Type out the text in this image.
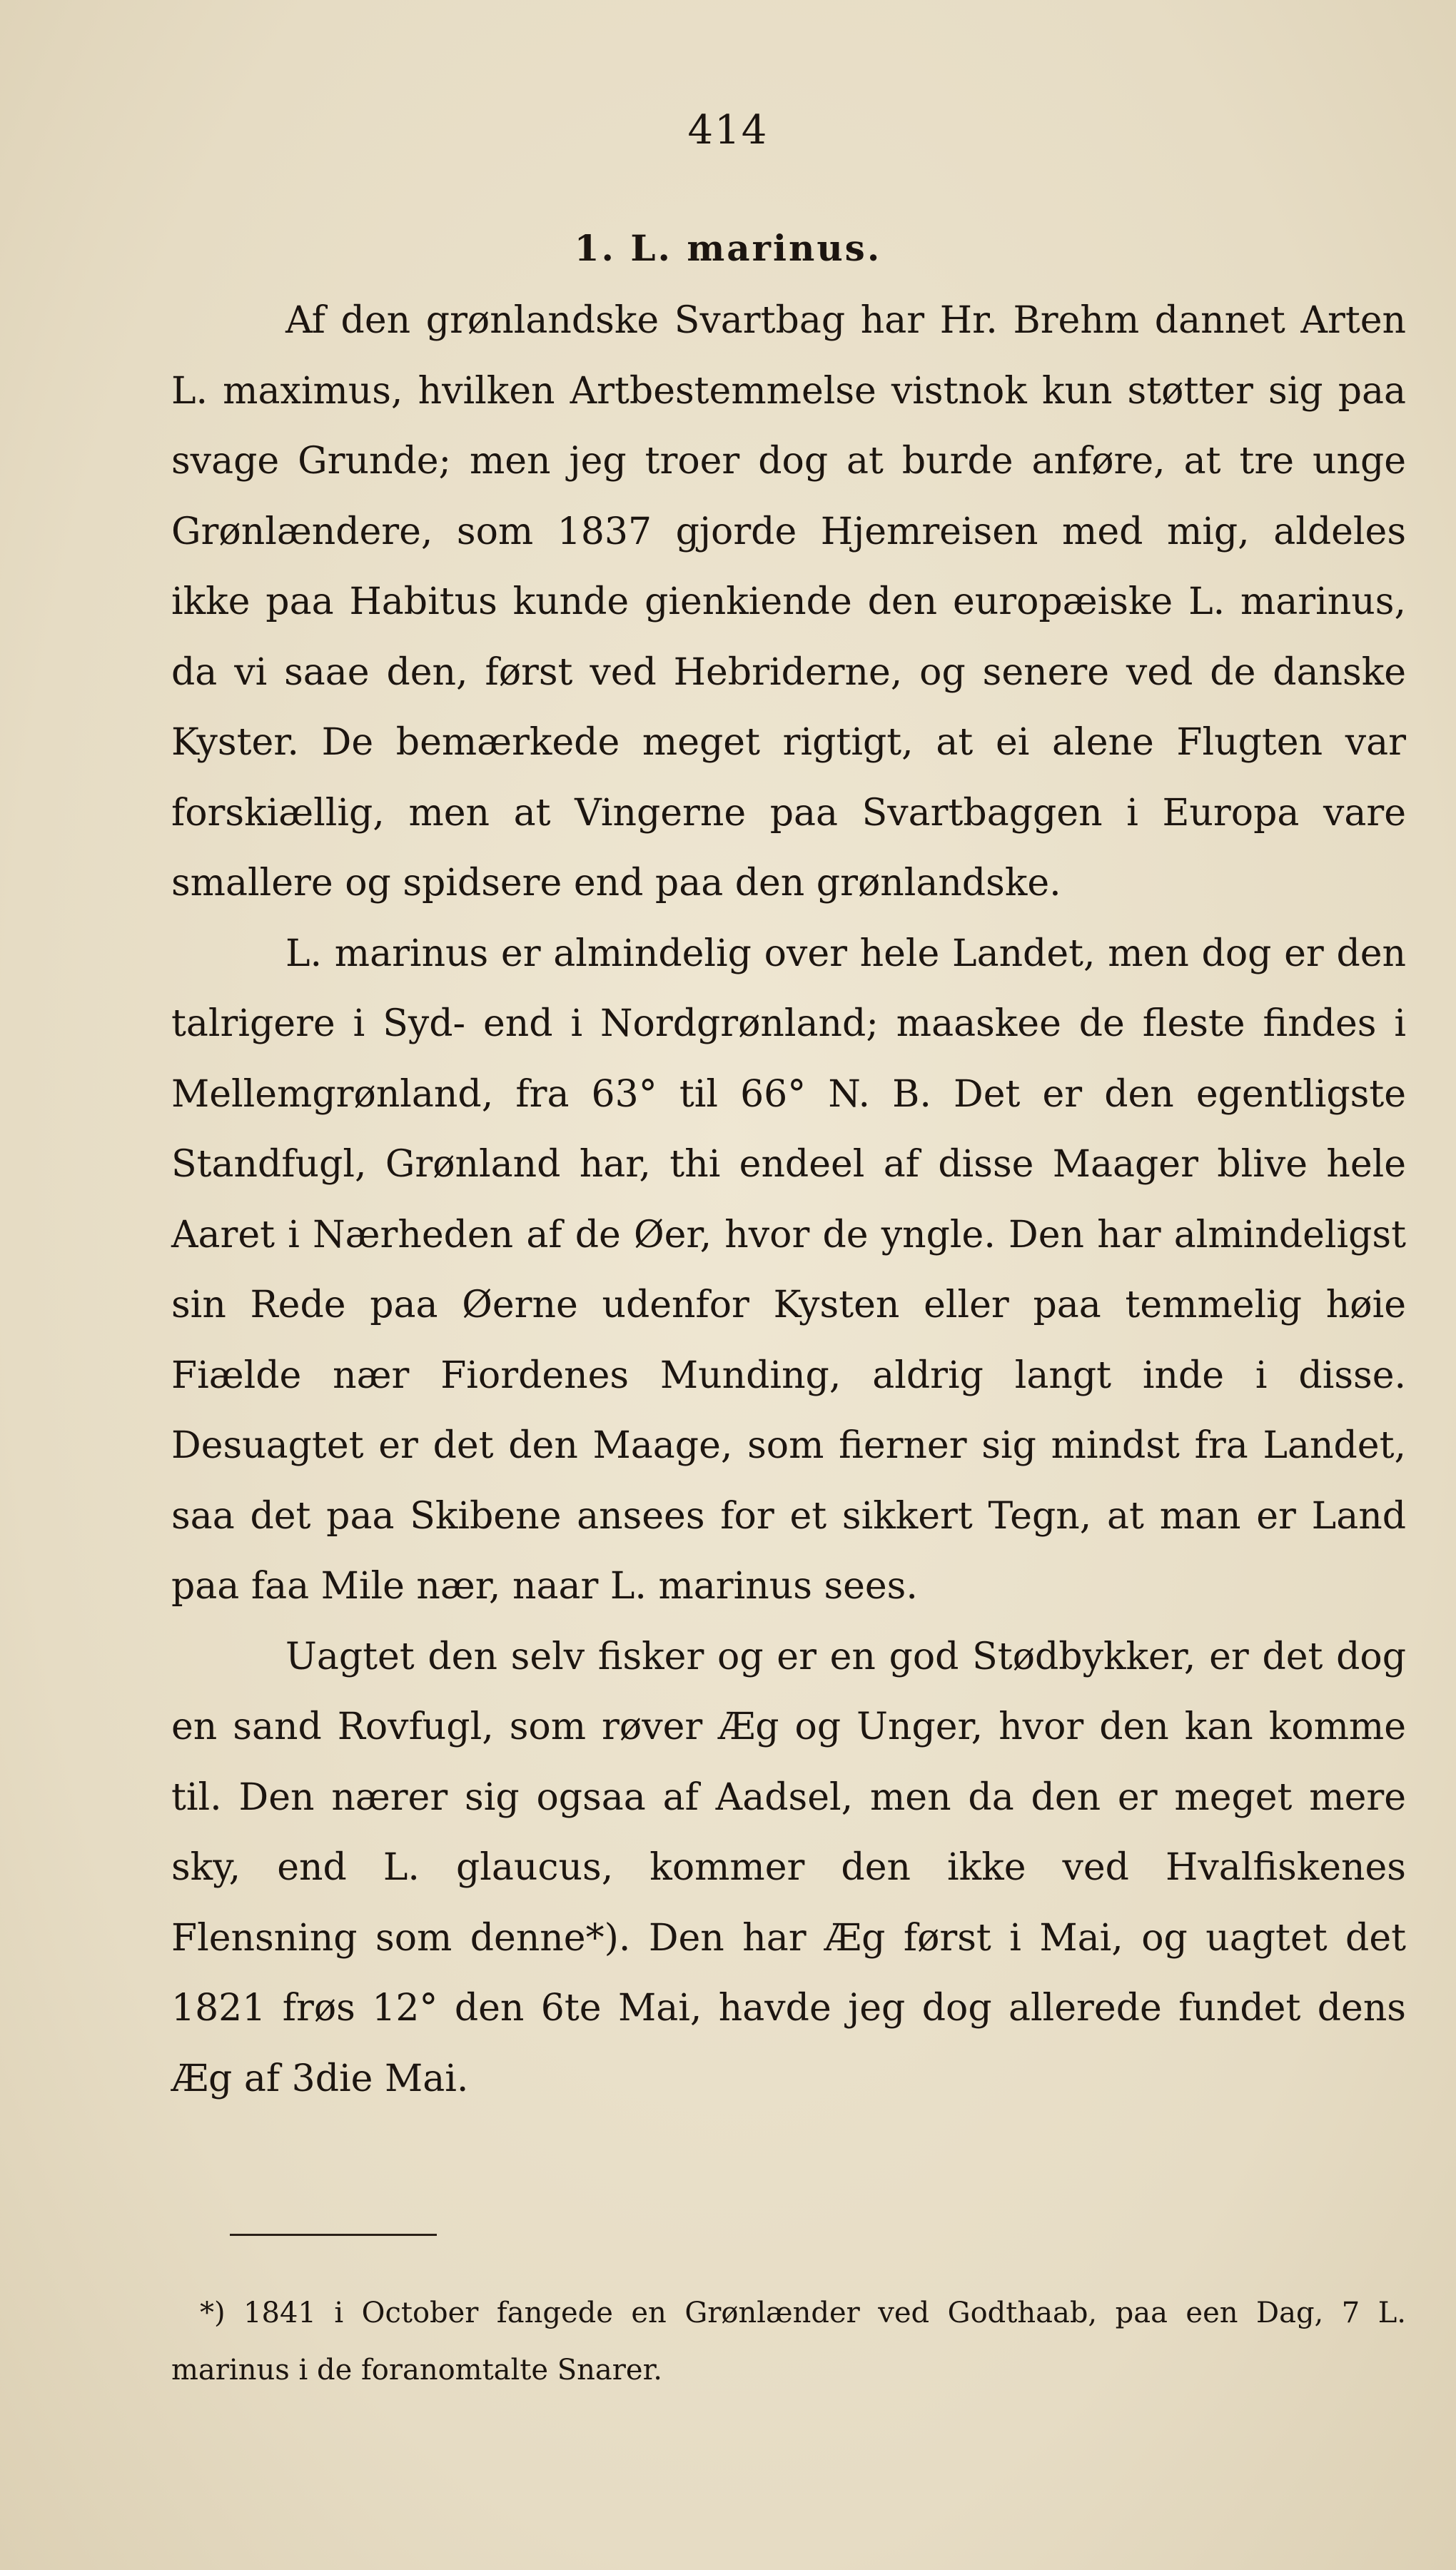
414
1. L. marinus.

Af den grønlandske Svartbag har Hr. Brehm dannet Arten L. maximus, hvilken Artbestemmelse vistnok kun støtter sig paa svage Grunde; men jeg troer dog at burde anføre, at tre unge Grønlændere, som 1837 gjorde Hjemreisen med mig, aldeles ikke paa Habitus kunde gienkiende den europæiske L. marinus, da vi saae den, først ved Hebriderne, og senere ved de danske Kyster. De bemærkede meget rigtigt, at ei alene Flugten var forskiællig, men at Vingerne paa Svartbaggen i Europa vare smallere og spidsere end paa den grønlandske.

L. marinus er almindelig over hele Landet, men dog er den talrigere i Syd- end i Nordgrønland; maaskee de fleste findes i Mellemgrønland, fra 63° til 66° N. B. Det er den egentligste Standfugl, Grønland har, thi endeel af disse Maager blive hele Aaret i Nærheden af de Øer, hvor de yngle. Den har almindeligst sin Rede paa Øerne udenfor Kysten eller paa temmelig høie Fiælde nær Fiordenes Munding, aldrig langt inde i disse. Desuagtet er det den Maage, som fierner sig mindst fra Landet, saa det paa Skibene ansees for et sikkert Tegn, at man er Land paa faa Mile nær, naar L. marinus sees.

Uagtet den selv fisker og er en god Stødbykker, er det dog en sand Rovfugl, som røver Æg og Unger, hvor den kan komme til. Den nærer sig ogsaa af Aadsel, men da den er meget mere sky, end L. glaucus, kommer den ikke ved Hvalfiskenes Flensning som denne*). Den har Æg først i Mai, og uagtet det 1821 frøs 12° den 6te Mai, havde jeg dog allerede fundet dens Æg af 3die Mai.

*) 1841 i October fangede en Grønlænder ved Godthaab, paa een Dag, 7 L. marinus i de foranomtalte Snarer.
